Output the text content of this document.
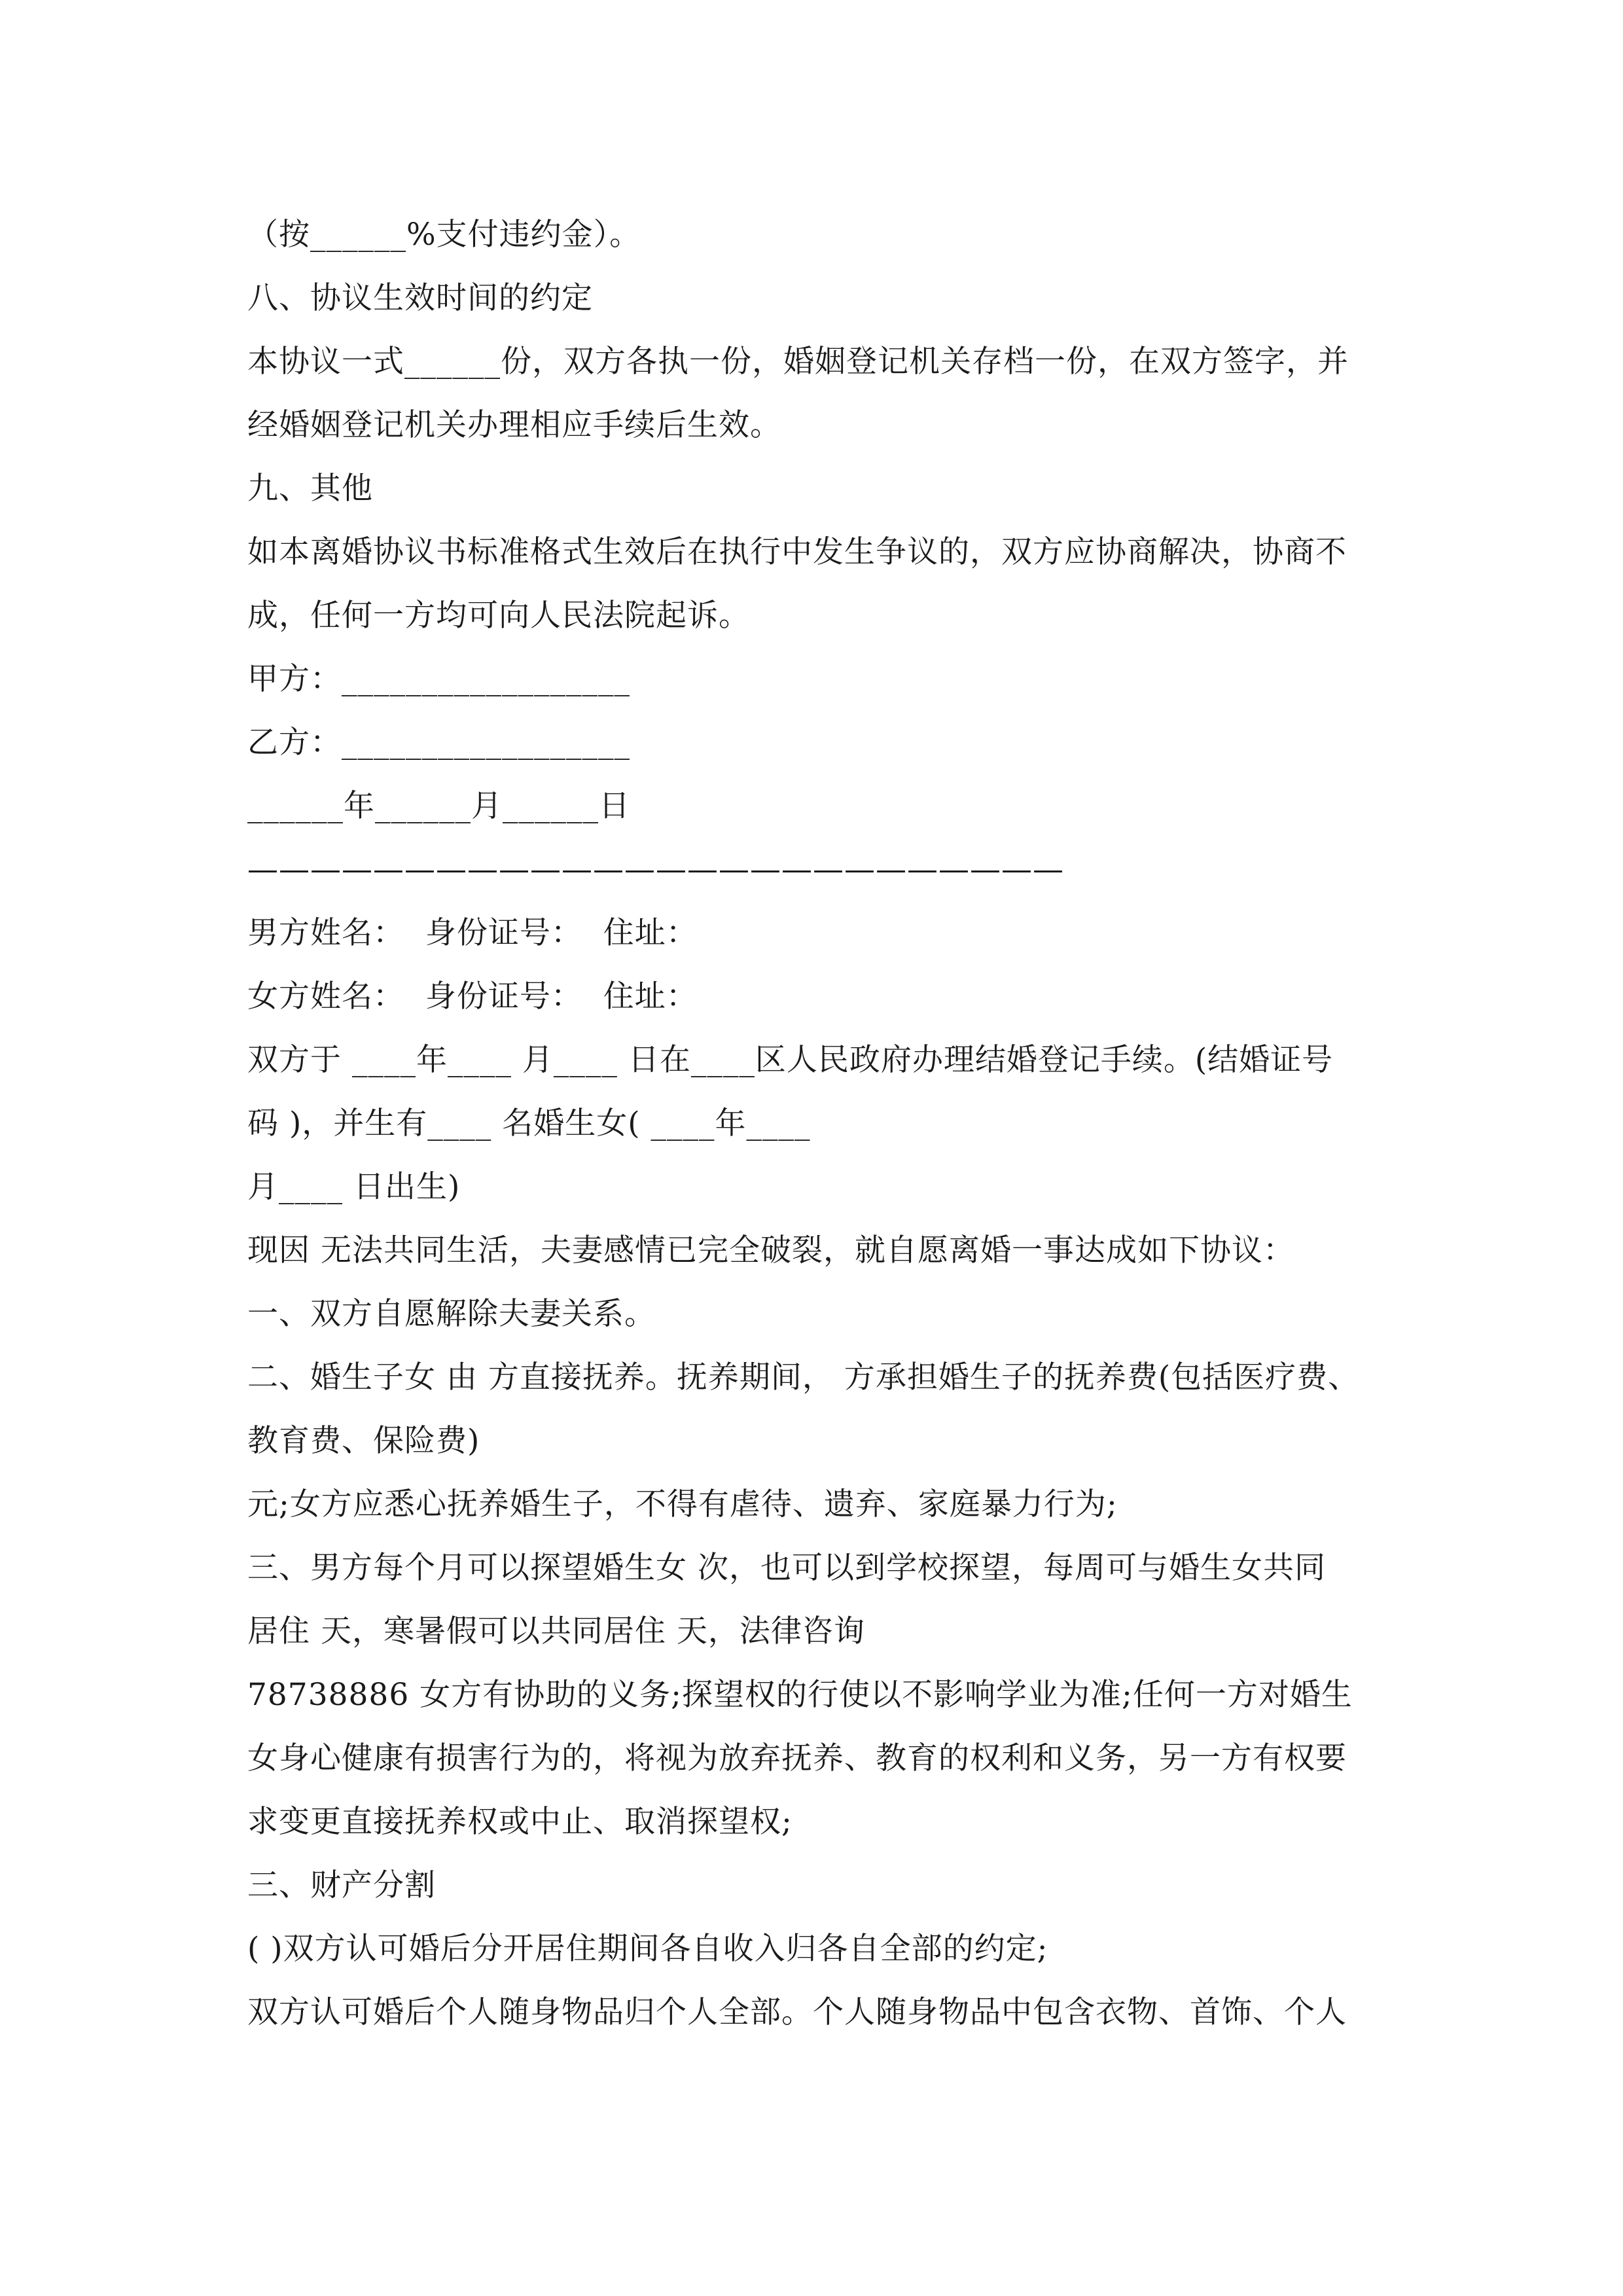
（按______%支付违约金）。
八、协议生效时间的约定
本协议一式______份，双方各执一份，婚姻登记机关存档一份，在双方签字，并
经婚姻登记机关办理相应手续后生效。
九、其他
如本离婚协议书标准格式生效后在执行中发生争议的，双方应协商解决，协商不
成，任何一方均可向人民法院起诉。
甲方：__________________
乙方：__________________
______年______月______日
——————————————————————————
男方姓名：  身份证号：  住址：
女方姓名：  身份证号：  住址：
双方于 ____年____ 月____ 日在____区人民政府办理结婚登记手续。(结婚证号
码 )，并生有____ 名婚生女( ____年____
月____ 日出生)
现因 无法共同生活，夫妻感情已完全破裂，就自愿离婚一事达成如下协议：
一、双方自愿解除夫妻关系。
二、婚生子女 由 方直接抚养。抚养期间， 方承担婚生子的抚养费(包括医疗费、
教育费、保险费)
元;女方应悉心抚养婚生子，不得有虐待、遗弃、家庭暴力行为;
三、男方每个月可以探望婚生女 次，也可以到学校探望，每周可与婚生女共同
居住 天，寒暑假可以共同居住 天，法律咨询
78738886 女方有协助的义务;探望权的行使以不影响学业为准;任何一方对婚生
女身心健康有损害行为的，将视为放弃抚养、教育的权利和义务，另一方有权要
求变更直接抚养权或中止、取消探望权;
三、财产分割
( )双方认可婚后分开居住期间各自收入归各自全部的约定;
双方认可婚后个人随身物品归个人全部。个人随身物品中包含衣物、首饰、个人
